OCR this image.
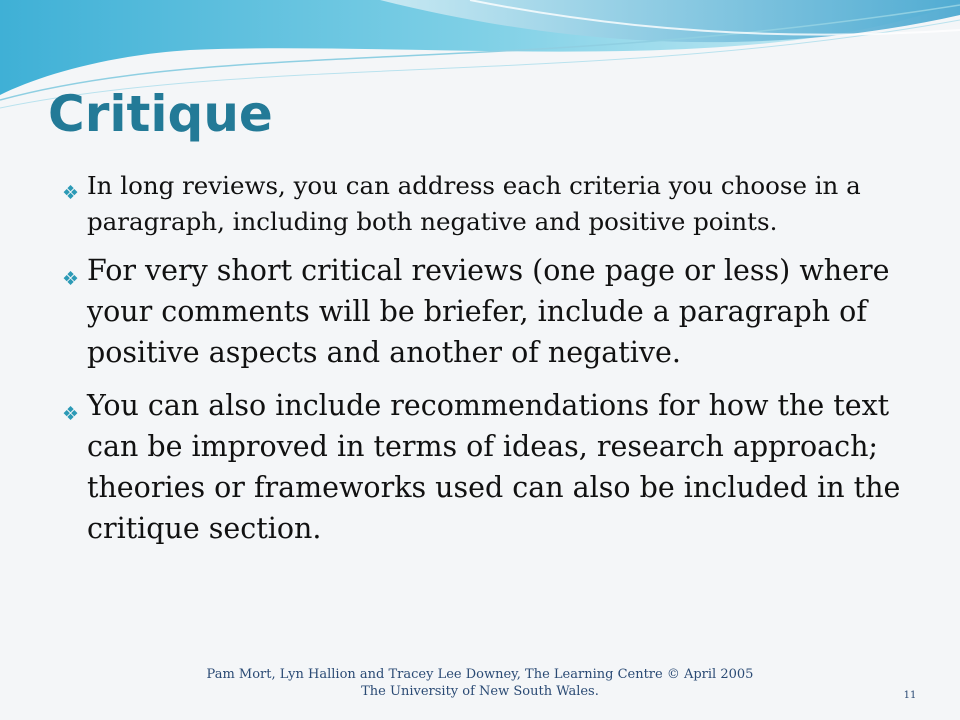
Critique
❖ In long reviews, you can address each criteria you choose in a paragraph, including both negative and positive points.
❖ For very short critical reviews (one page or less) where your comments will be briefer, include a paragraph of positive aspects and another of negative.
❖ You can also include recommendations for how the text can be improved in terms of ideas, research approach; theories or frameworks used can also be included in the critique section.
Pam Mort, Lyn Hallion and Tracey Lee Downey, The Learning Centre © April 2005
The University of New South Wales.	11
